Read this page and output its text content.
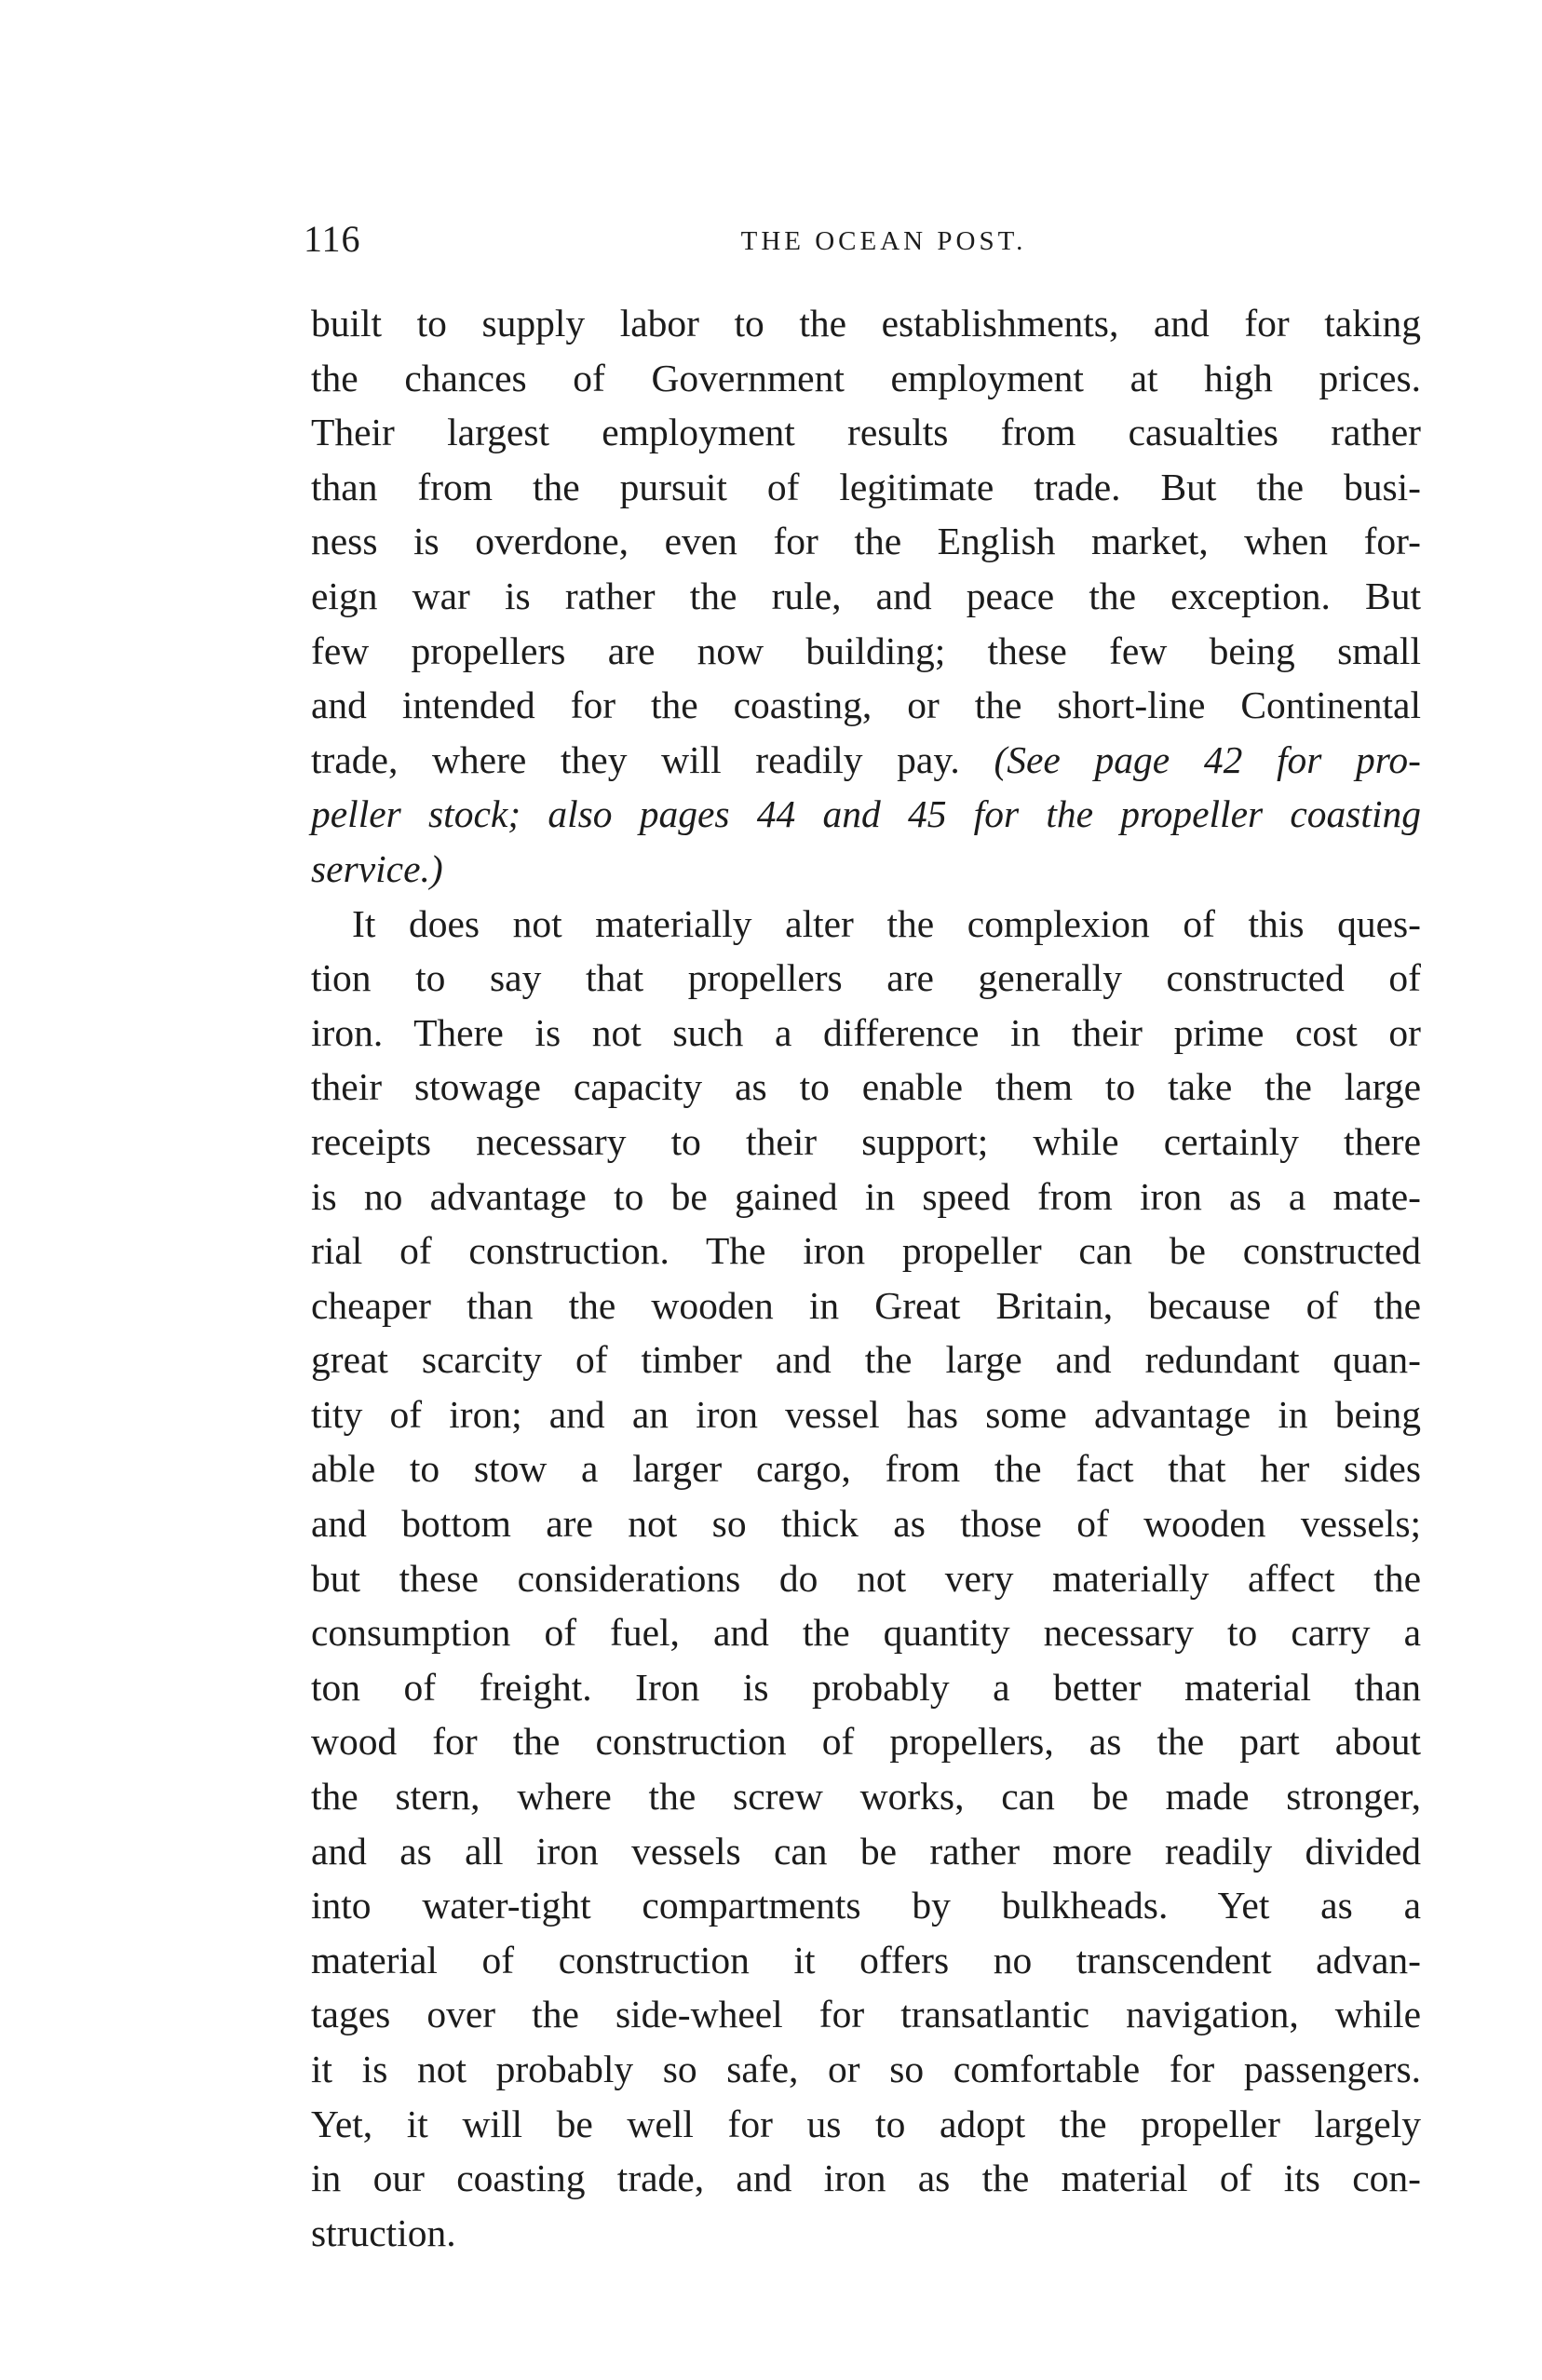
116	THE OCEAN POST.
built to supply labor to the establishments, and for taking
the chances of Government employment at high prices.
Their largest employment results from casualties rather
than from the pursuit of legitimate trade. But the busi-
ness is overdone, even for the English market, when for-
eign war is rather the rule, and peace the exception. But
few propellers are now building; these few being small
and intended for the coasting, or the short-line Continental
trade, where they will readily pay. (See page 42 for pro-
peller stock; also pages 44 and 45 for the propeller coasting
service.)
It does not materially alter the complexion of this ques-
tion to say that propellers are generally constructed of
iron. There is not such a difference in their prime cost or
their stowage capacity as to enable them to take the large
receipts necessary to their support; while certainly there
is no advantage to be gained in speed from iron as a mate-
rial of construction. The iron propeller can be constructed
cheaper than the wooden in Great Britain, because of the
great scarcity of timber and the large and redundant quan-
tity of iron; and an iron vessel has some advantage in being
able to stow a larger cargo, from the fact that her sides
and bottom are not so thick as those of wooden vessels;
but these considerations do not very materially affect the
consumption of fuel, and the quantity necessary to carry a
ton of freight. Iron is probably a better material than
wood for the construction of propellers, as the part about
the stern, where the screw works, can be made stronger,
and as all iron vessels can be rather more readily divided
into water-tight compartments by bulkheads. Yet as a
material of construction it offers no transcendent advan-
tages over the side-wheel for transatlantic navigation, while
it is not probably so safe, or so comfortable for passengers.
Yet, it will be well for us to adopt the propeller largely
in our coasting trade, and iron as the material of its con-
struction.
